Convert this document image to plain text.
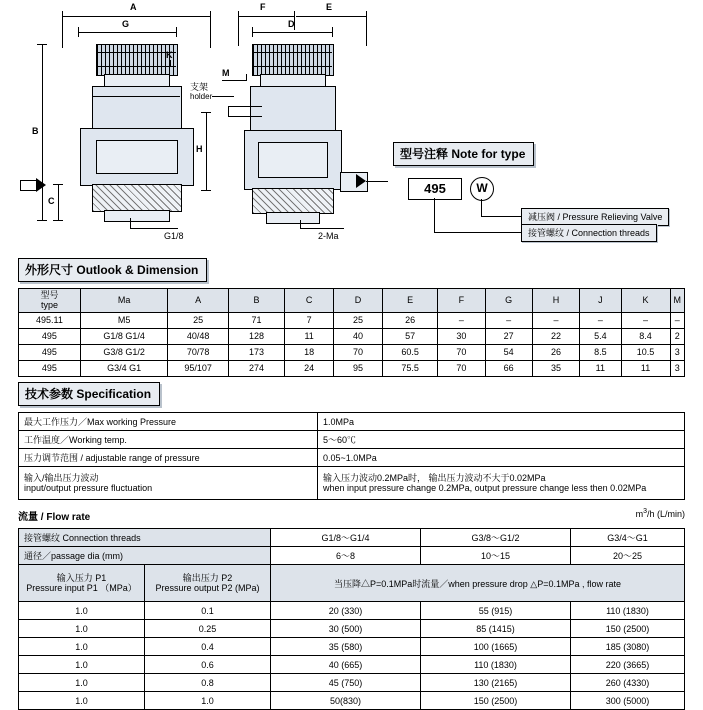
A
G
B
C
K
G1/8
F	E
D
H
支架
holder
M
2-Ma
型号注释 Note for type
495	W
减压阀 / Pressure Relieving Valve
接管螺纹 / Connection threads
外形尺寸 Outlook & Dimension
型号
type	Ma	A	B	C	D	E	F	G	H	J	K	M
495.11	M5	25	71	7	25	26	–	–	–	–	–	–
495	G1/8 G1/4	40/48	128	11	40	57	30	27	22	5.4	8.4	2
495	G3/8 G1/2	70/78	173	18	70	60.5	70	54	26	8.5	10.5	3
495	G3/4 G1	95/107	274	24	95	75.5	70	66	35	11	11	3
技术参数 Specification
最大工作压力／Max working Pressure	1.0MPa
工作温度／Working temp.	5～60℃
压力调节范围 / adjustable range of pressure	0.05~1.0MPa

输入/输出压力波动
input/output pressure fluctuation

输入压力波动0.2MPa时， 输出压力波动不大于0.02MPa
when input pressure change 0.2MPa, output pressure change less then 0.02MPa
流量 / Flow rate	$m^3/h$ (L/min)
接管螺纹 Connection threads		G1/8～G1/4	G3/8～G1/2	G3/4～G1
通径／passage dia (mm)		6～8	10～15	20～25

输入压力 P1
Pressure input P1 （MPa）

输出压力 P2
Pressure output P2 (MPa)	当压降△P=0.1MPa时流量／when pressure drop △P=0.1MPa , flow rate
1.0	0.1	20 (330)	55 (915)	110 (1830)
1.0	0.25	30 (500)	85 (1415)	150 (2500)
1.0	0.4	35 (580)	100 (1665)	185 (3080)
1.0	0.6	40 (665)	110 (1830)	220 (3665)
1.0	0.8	45 (750)	130 (2165)	260 (4330)
1.0	1.0	50(830)	150 (2500)	300 (5000)
